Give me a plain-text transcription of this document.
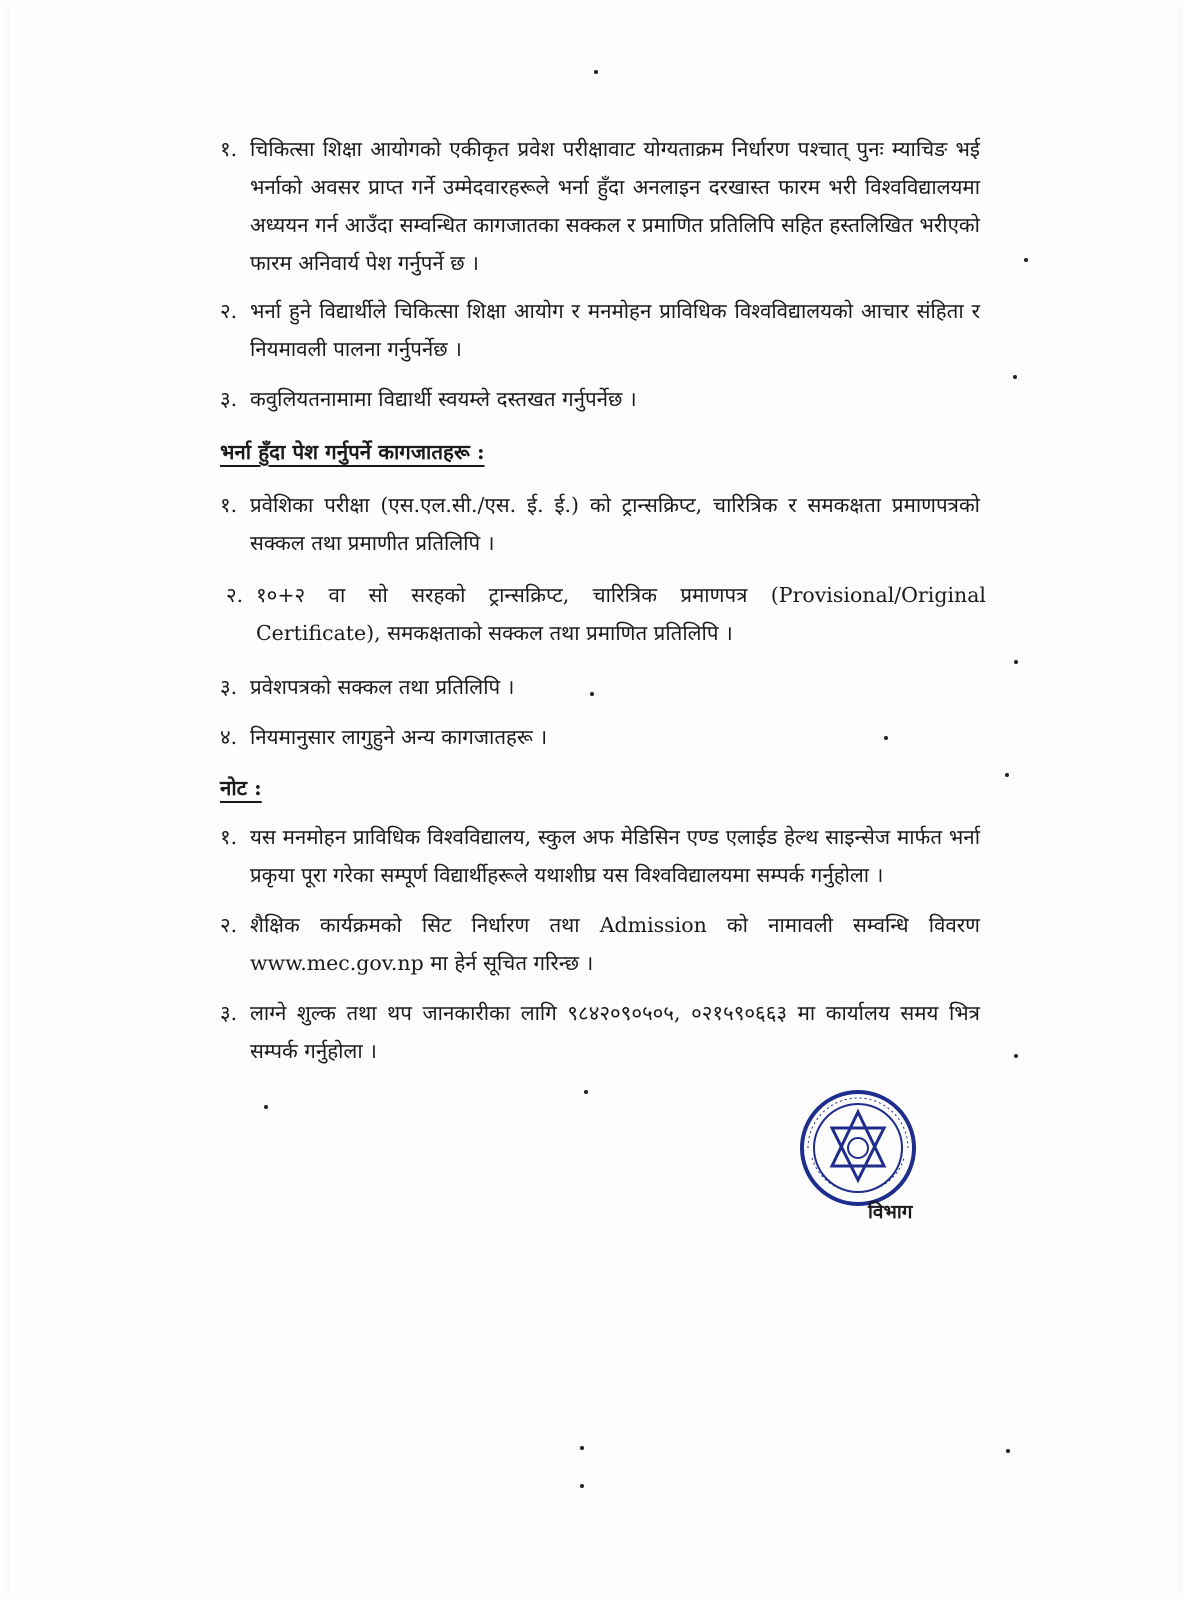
१. चिकित्सा शिक्षा आयोगको एकीकृत प्रवेश परीक्षावाट योग्यताक्रम निर्धारण पश्चात् पुनः म्याचिङ भई भर्नाको अवसर प्राप्त गर्ने उम्मेदवारहरूले भर्ना हुँदा अनलाइन दरखास्त फारम भरी विश्वविद्यालयमा अध्ययन गर्न आउँदा सम्वन्धित कागजातका सक्कल र प्रमाणित प्रतिलिपि सहित हस्तलिखित भरीएको फारम अनिवार्य पेश गर्नुपर्ने छ ।
२. भर्ना हुने विद्यार्थीले चिकित्सा शिक्षा आयोग र मनमोहन प्राविधिक विश्वविद्यालयको आचार संहिता र नियमावली पालना गर्नुपर्नेछ ।
३. कवुलियतनामामा विद्यार्थी स्वयम्ले दस्तखत गर्नुपर्नेछ ।
भर्ना हुँदा पेश गर्नुपर्ने कागजातहरू :
१. प्रवेशिका परीक्षा (एस.एल.सी./एस. ई. ई.) को ट्रान्सक्रिप्ट, चारित्रिक र समकक्षता प्रमाणपत्रको सक्कल तथा प्रमाणीत प्रतिलिपि ।
२. १०+२ वा सो सरहको ट्रान्सक्रिप्ट, चारित्रिक प्रमाणपत्र (Provisional/Original Certificate), समकक्षताको सक्कल तथा प्रमाणित प्रतिलिपि ।
३. प्रवेशपत्रको सक्कल तथा प्रतिलिपि ।
४. नियमानुसार लागुहुने अन्य कागजातहरू ।
नोट :
१. यस मनमोहन प्राविधिक विश्वविद्यालय, स्कुल अफ मेडिसिन एण्ड एलाईड हेल्थ साइन्सेज मार्फत भर्ना प्रकृया पूरा गरेका सम्पूर्ण विद्यार्थीहरूले यथाशीघ्र यस विश्वविद्यालयमा सम्पर्क गर्नुहोला ।
२. शैक्षिक कार्यक्रमको सिट निर्धारण तथा Admission को नामावली सम्वन्धि विवरण www.mec.gov.np मा हेर्न सूचित गरिन्छ ।
३. लाग्ने शुल्क तथा थप जानकारीका लागि ९८४२०९०५०५, ०२१५९०६६३ मा कार्यालय समय भित्र सम्पर्क गर्नुहोला ।
विभाग
